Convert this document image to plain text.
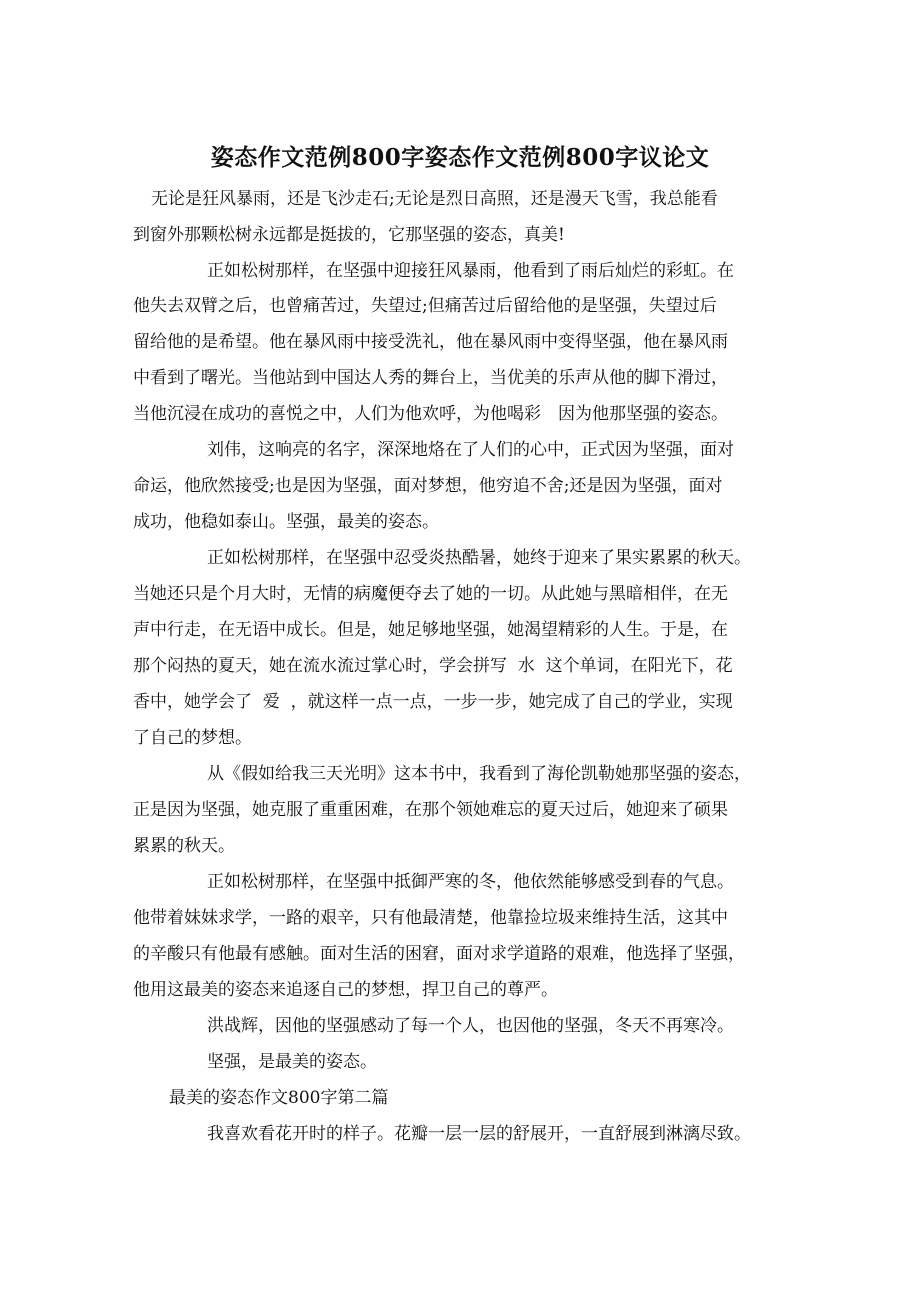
姿态作文范例800字姿态作文范例800字议论文
无论是狂风暴雨，还是飞沙走石;无论是烈日高照，还是漫天飞雪，我总能看
到窗外那颗松树永远都是挺拔的，它那坚强的姿态，真美!
正如松树那样，在坚强中迎接狂风暴雨，他看到了雨后灿烂的彩虹。在
他失去双臂之后，也曾痛苦过，失望过;但痛苦过后留给他的是坚强，失望过后
留给他的是希望。他在暴风雨中接受洗礼，他在暴风雨中变得坚强，他在暴风雨
中看到了曙光。当他站到中国达人秀的舞台上，当优美的乐声从他的脚下滑过，
当他沉浸在成功的喜悦之中，人们为他欢呼，为他喝彩　因为他那坚强的姿态。
刘伟，这响亮的名字，深深地烙在了人们的心中，正式因为坚强，面对
命运，他欣然接受;也是因为坚强，面对梦想，他穷追不舍;还是因为坚强，面对
成功，他稳如泰山。坚强，最美的姿态。
正如松树那样，在坚强中忍受炎热酷暑，她终于迎来了果实累累的秋天。
当她还只是个月大时，无情的病魔便夺去了她的一切。从此她与黑暗相伴，在无
声中行走，在无语中成长。但是，她足够地坚强，她渴望精彩的人生。于是，在
那个闷热的夏天，她在流水流过掌心时，学会拼写  水  这个单词，在阳光下，花
香中，她学会了  爱  ，就这样一点一点，一步一步，她完成了自己的学业，实现
了自己的梦想。
从《假如给我三天光明》这本书中，我看到了海伦凯勒她那坚强的姿态，
正是因为坚强，她克服了重重困难，在那个领她难忘的夏天过后，她迎来了硕果
累累的秋天。
正如松树那样，在坚强中抵御严寒的冬，他依然能够感受到春的气息。
他带着妹妹求学，一路的艰辛，只有他最清楚，他靠捡垃圾来维持生活，这其中
的辛酸只有他最有感触。面对生活的困窘，面对求学道路的艰难，他选择了坚强，
他用这最美的姿态来追逐自己的梦想，捍卫自己的尊严。
洪战辉，因他的坚强感动了每一个人，也因他的坚强，冬天不再寒冷。
坚强，是最美的姿态。
最美的姿态作文800字第二篇
我喜欢看花开时的样子。花瓣一层一层的舒展开，一直舒展到淋漓尽致。
